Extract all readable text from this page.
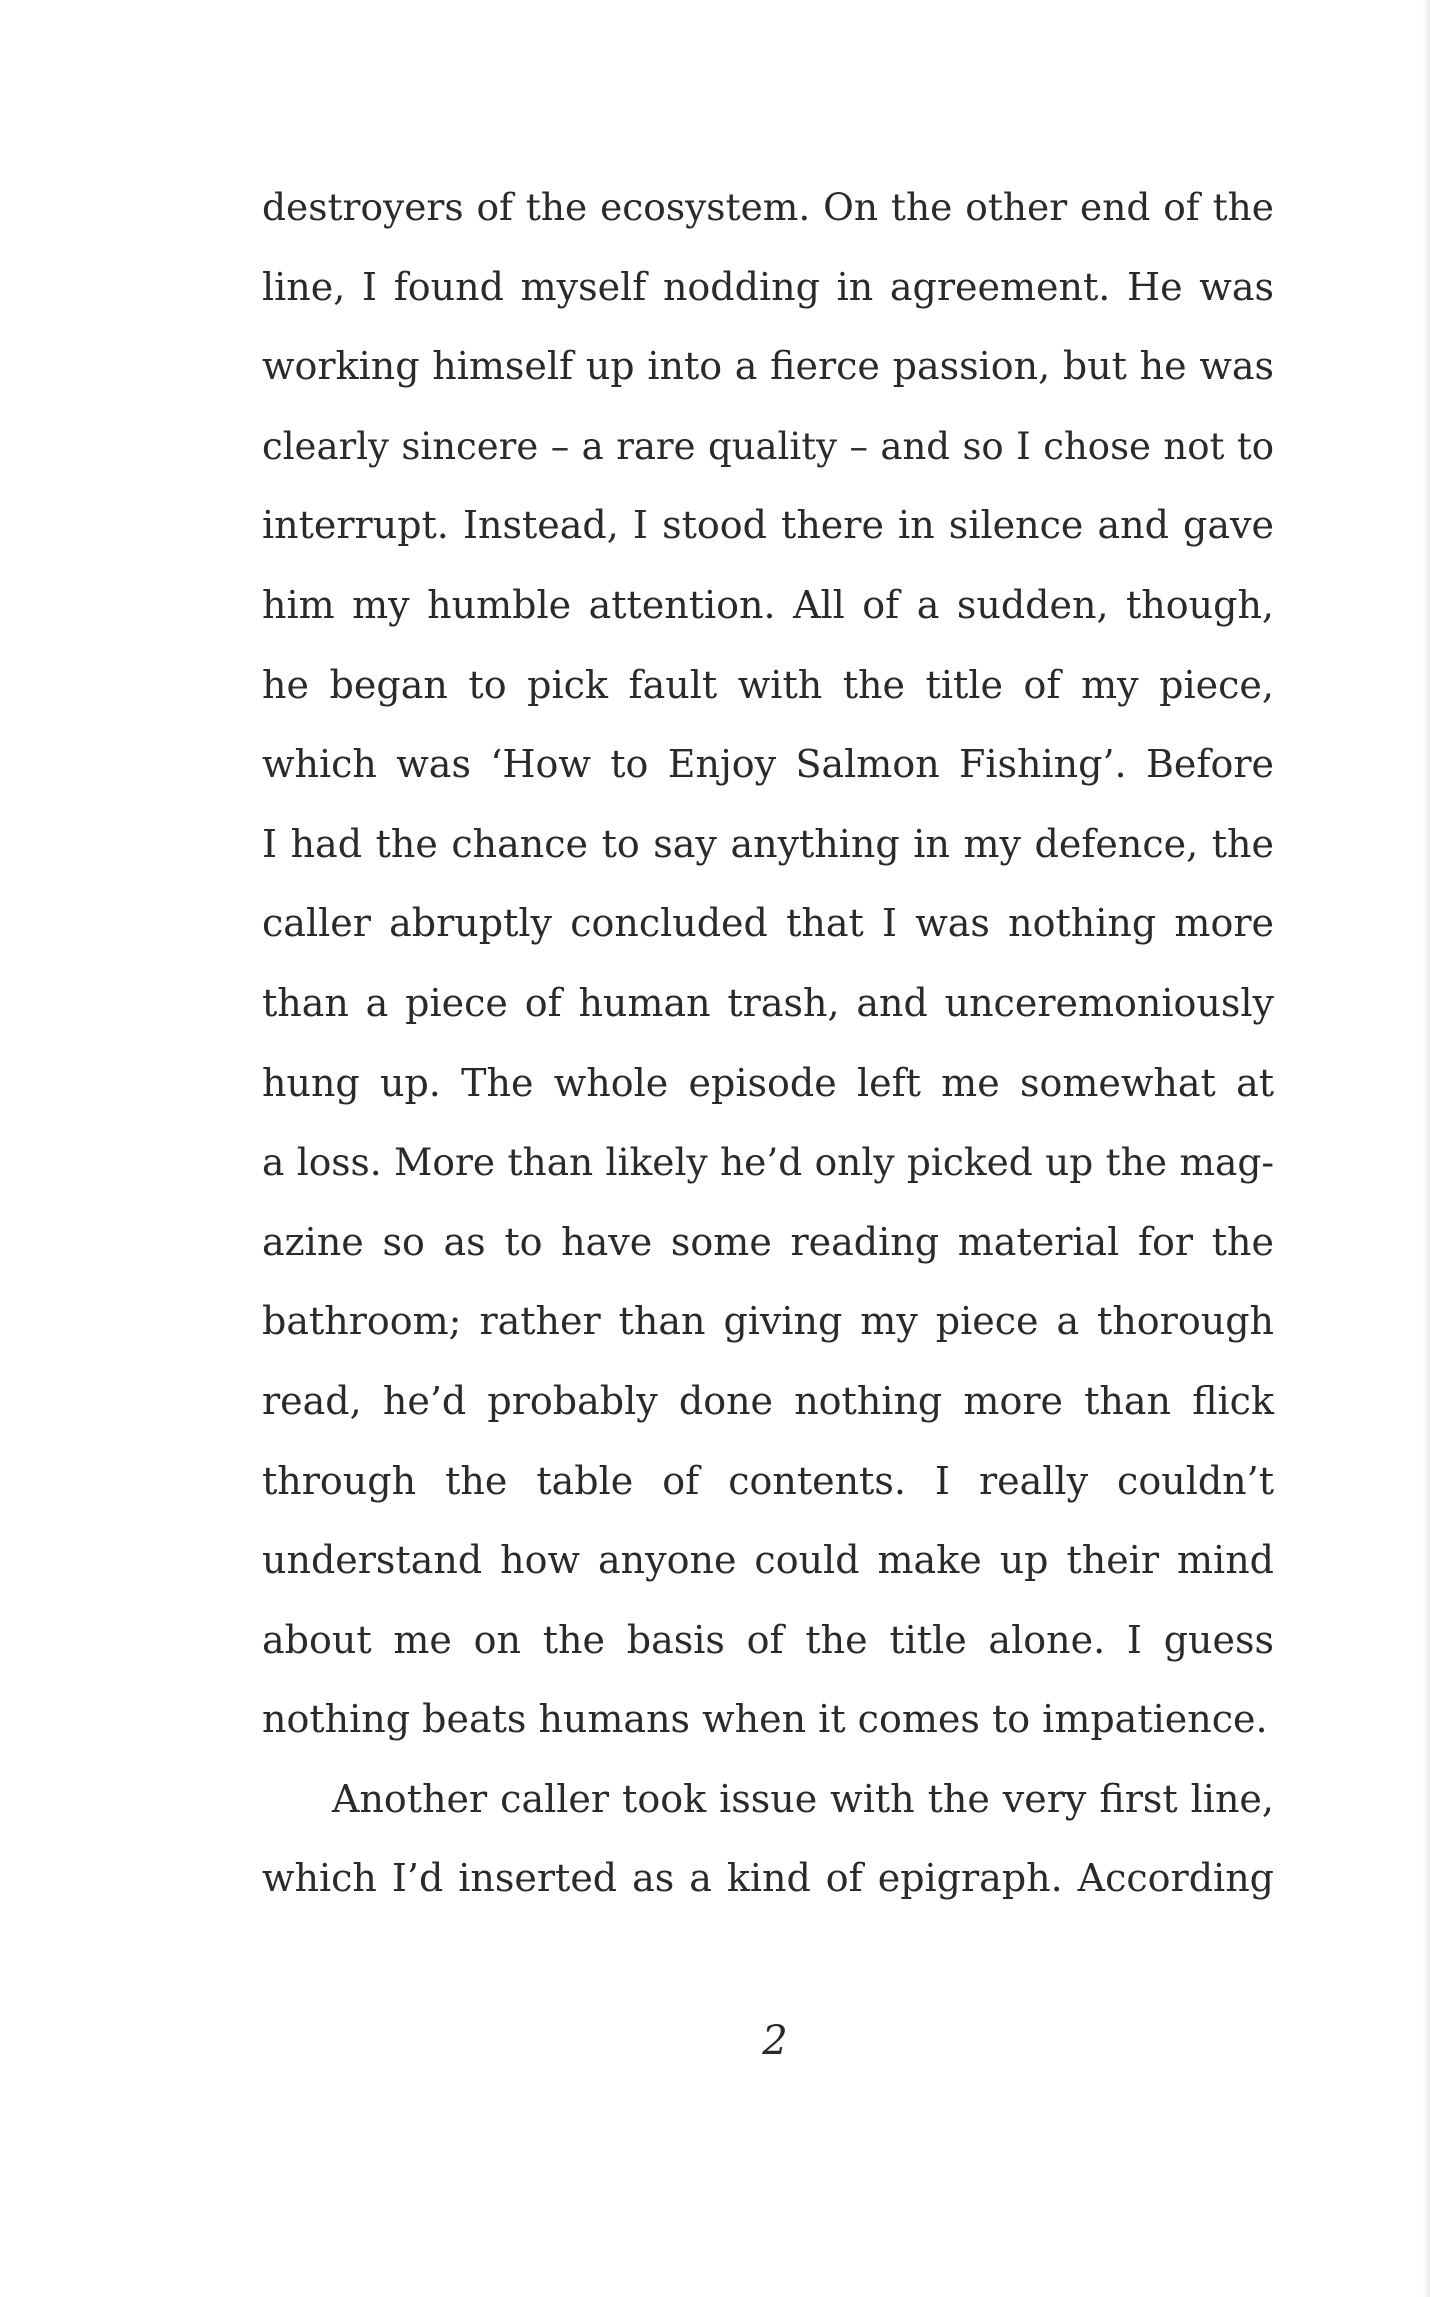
destroyers of the ecosystem. On the other end of the
line, I found myself nodding in agreement. He was
working himself up into a fierce passion, but he was
clearly sincere – a rare quality – and so I chose not to
interrupt. Instead, I stood there in silence and gave
him my humble attention. All of a sudden, though,
he began to pick fault with the title of my piece,
which was ‘How to Enjoy Salmon Fishing’. Before
I had the chance to say anything in my defence, the
caller abruptly concluded that I was nothing more
than a piece of human trash, and unceremoniously
hung up. The whole episode left me somewhat at
a loss. More than likely he’d only picked up the mag-
azine so as to have some reading material for the
bathroom; rather than giving my piece a thorough
read, he’d probably done nothing more than flick
through the table of contents. I really couldn’t
understand how anyone could make up their mind
about me on the basis of the title alone. I guess
nothing beats humans when it comes to impatience.
Another caller took issue with the very first line,
which I’d inserted as a kind of epigraph. According
2
